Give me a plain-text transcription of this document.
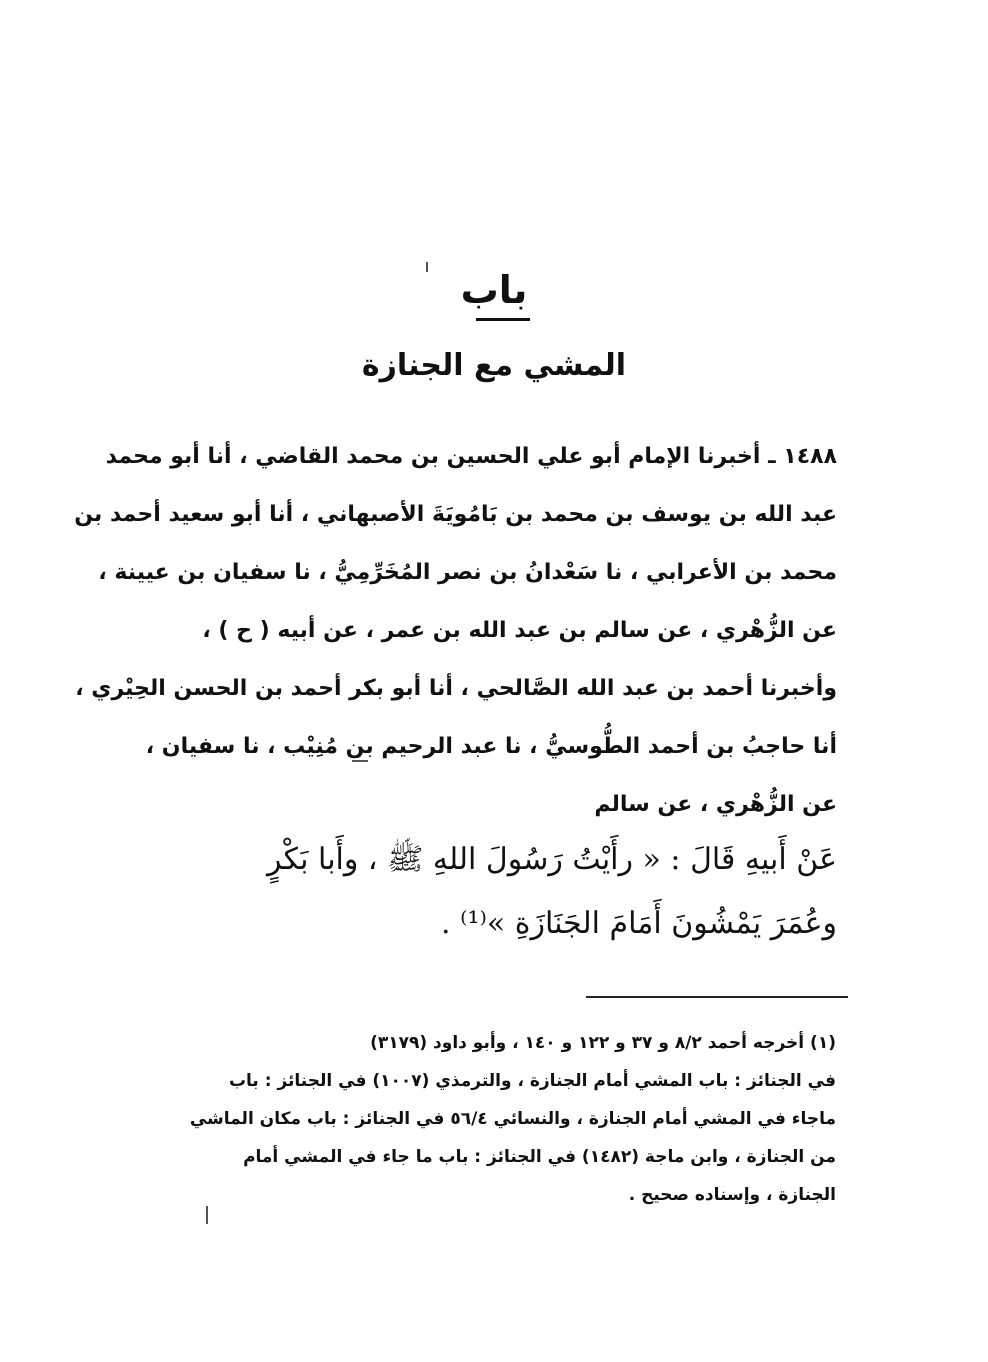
باب
المشي مع الجنازة
١٤٨٨ ـ أخبرنا الإمام أبو علي الحسين بن محمد القاضي ، أنا أبو محمد
عبد الله بن يوسف بن محمد بن بَامُويَةَ الأصبهاني ، أنا أبو سعيد أحمد بن
محمد بن الأعرابي ، نا سَعْدانُ بن نصر المُخَرِّمِيُّ ، نا سفيان بن عيينة ،
عن الزُّهْري ، عن سالم بن عبد الله بن عمر ، عن أبيه ( ح ) ،
وأخبرنا أحمد بن عبد الله الصَّالحي ، أنا أبو بكر أحمد بن الحسن الحِيْري ،
أنا حاجبُ بن أحمد الطُّوسيُّ ، نا عبد الرحيم بن مُنِيْب ، نا سفيان ،
عن الزُّهْري ، عن سالم
عَنْ أَبيهِ قَالَ : « رأَيْتُ رَسُولَ اللهِ ﷺ ، وأَبا بَكْرٍ
وعُمَرَ يَمْشُونَ أَمَامَ الجَنَازَةِ »⁽¹⁾ .
(١) أخرجه أحمد ٨/٢ و ٣٧ و ١٢٢ و ١٤٠ ، وأبو داود (٣١٧٩)
في الجنائز : باب المشي أمام الجنازة ، والترمذي (١٠٠٧) في الجنائز : باب
ماجاء في المشي أمام الجنازة ، والنسائي ٥٦/٤ في الجنائز : باب مكان الماشي
من الجنازة ، وابن ماجة (١٤٨٢) في الجنائز : باب ما جاء في المشي أمام
الجنازة ، وإسناده صحيح .
